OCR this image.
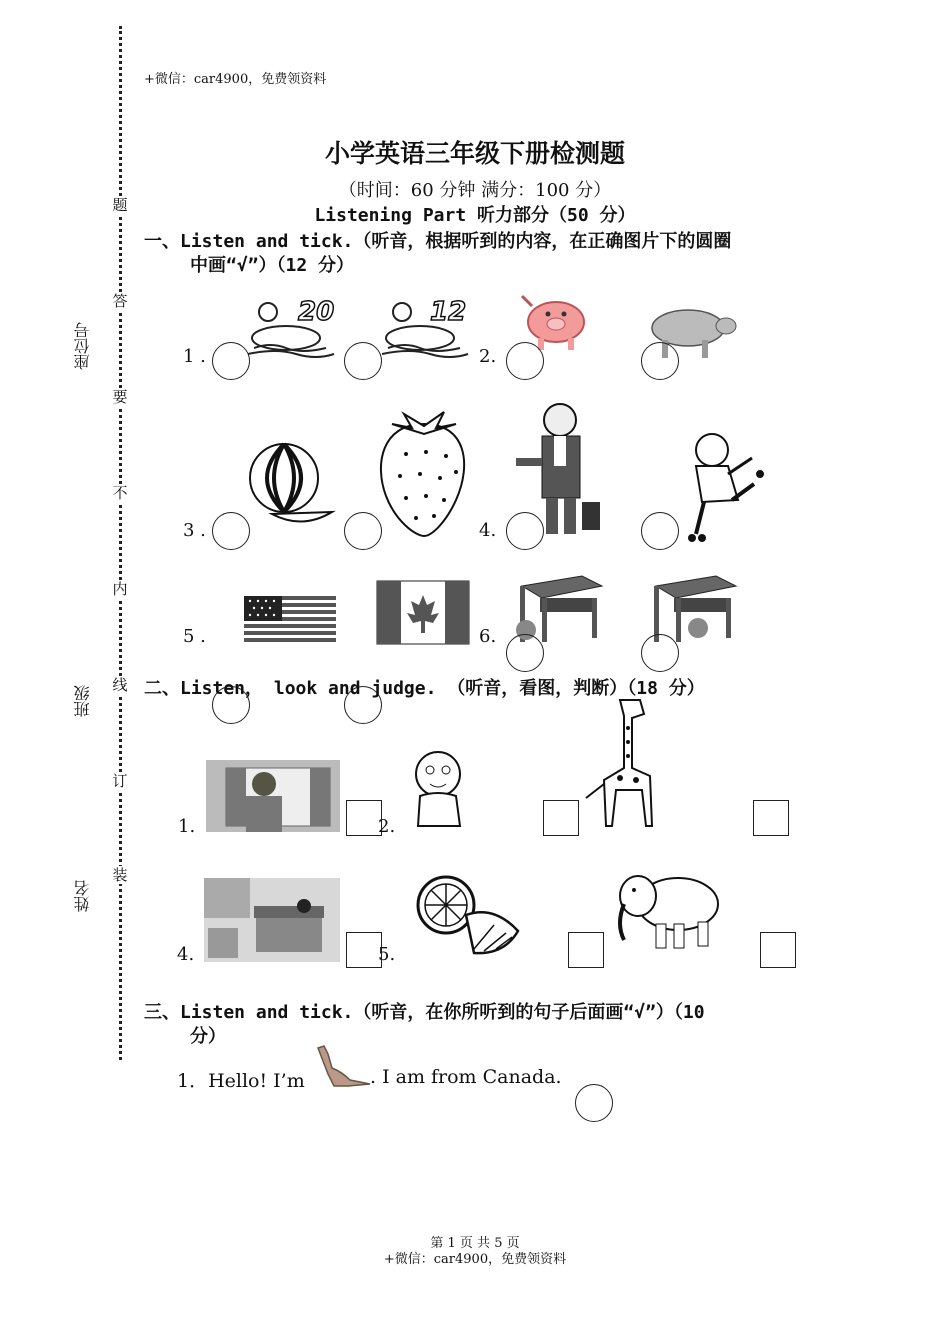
题
答
要
不
内
线
订
装
座位号
班级
姓名
+微信：car4900，免费领资料
小学英语三年级下册检测题
（时间：60 分钟 满分：100 分）
Listening Part 听力部分（50 分）
一、Listen and tick.（听音，根据听到的内容，在正确图片下的圆圈
中画“√”）（12 分）
1 .
20	12
2.
3 .	4.
5 .	6.
二、Listen， look and judge. （听音，看图，判断）（18 分）
1.	2.
4.	5.
三、Listen and tick.（听音，在你所听到的句子后面画“√”）（10
分）
1．Hello! I’m	. I am from Canada.
第 1 页 共 5 页
+微信：car4900，免费领资料
